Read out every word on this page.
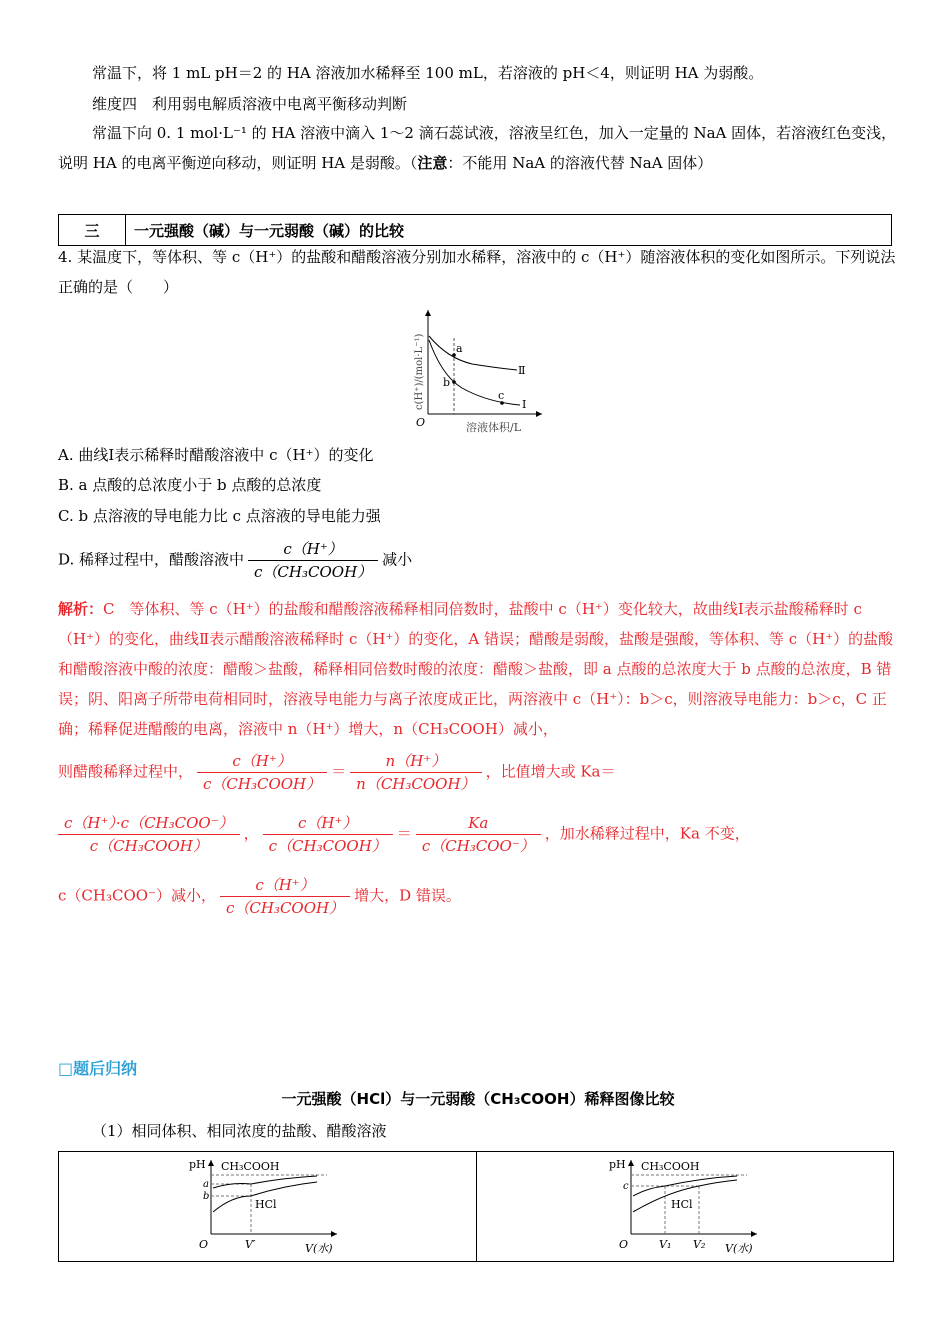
常温下，将 1 mL pH＝2 的 HA 溶液加水稀释至 100 mL，若溶液的 pH＜4，则证明 HA 为弱酸。
维度四　利用弱电解质溶液中电离平衡移动判断
常温下向 0. 1 mol·L⁻¹ 的 HA 溶液中滴入 1～2 滴石蕊试液，溶液呈红色，加入一定量的 NaA 固体，若溶液红色变浅，说明 HA 的电离平衡逆向移动，则证明 HA 是弱酸。（注意：不能用 NaA 的溶液代替 NaA 固体）
三	一元强酸（碱）与一元弱酸（碱）的比较
4. 某温度下，等体积、等 c（H⁺）的盐酸和醋酸溶液分别加水稀释，溶液中的 c（H⁺）随溶液体积的变化如图所示。下列说法正确的是（　　）
a
b
c
Ⅱ
Ⅰ
O	溶液体积/L
c(H⁺)/(mol·L⁻¹)
A. 曲线Ⅰ表示稀释时醋酸溶液中 c（H⁺）的变化
B. a 点酸的总浓度小于 b 点酸的总浓度
C. b 点溶液的导电能力比 c 点溶液的导电能力强
D. 稀释过程中，醋酸溶液中 $\frac{c(H^+)}{\text{c（CH₃COOH）}}$ 减小
解析：C　等体积、等 c（H⁺）的盐酸和醋酸溶液稀释相同倍数时，盐酸中 c（H⁺）变化较大，故曲线Ⅰ表示盐酸稀释时 c（H⁺）的变化，曲线Ⅱ表示醋酸溶液稀释时 c（H⁺）的变化，A 错误；醋酸是弱酸，盐酸是强酸，等体积、等 c（H⁺）的盐酸和醋酸溶液中酸的浓度：醋酸＞盐酸，稀释相同倍数时酸的浓度：醋酸＞盐酸，即 a 点酸的总浓度大于 b 点酸的总浓度，B 错误；阴、阳离子所带电荷相同时，溶液导电能力与离子浓度成正比，两溶液中 c（H⁺）：b＞c，则溶液导电能力：b＞c，C 正确；稀释促进醋酸的电离，溶液中 n（H⁺）增大，n（CH₃COOH）减小，
则醋酸稀释过程中， $\frac{c(H^+)}{\text{c（CH₃COOH）}} = \frac{n(H^+)}{\text{n（CH₃COOH）}}$ ，比值增大或 Ka＝
$\frac{\text{c（H⁺）·c（CH₃COO⁻）}}{\text{c（CH₃COOH）}}$ ， $\frac{c(H^+)}{\text{c（CH₃COOH）}} = \frac{Ka}{\text{c（CH₃COO⁻）}}$ ，加水稀释过程中，Ka 不变，
c（CH₃COO⁻）减小， $\frac{c(H^+)}{\text{c（CH₃COOH）}}$ 增大，D 错误。
□题后归纳
一元强酸（HCl）与一元弱酸（CH₃COOH）稀释图像比较
（1）相同体积、相同浓度的盐酸、醋酸溶液
pH CH₃COOH
HCl
a
b
O	V′	V(水)
pH CH₃COOH
HCl
c
O	V₁ V₂ V(水)
